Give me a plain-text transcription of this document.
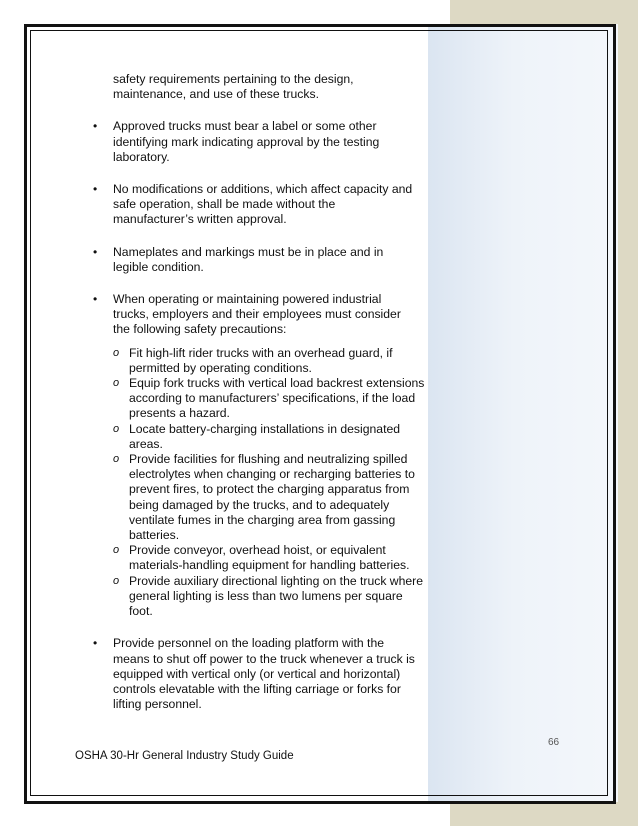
safety requirements pertaining to the design, maintenance, and use of these trucks.

• Approved trucks must bear a label or some other identifying mark indicating approval by the testing laboratory.
• No modifications or additions, which affect capacity and safe operation, shall be made without the manufacturer’s written approval.
• Nameplates and markings must be in place and in legible condition.
• When operating or maintaining powered industrial trucks, employers and their employees must consider the following safety precautions:
o Fit high-lift rider trucks with an overhead guard, if permitted by operating conditions.
o Equip fork trucks with vertical load backrest extensions according to manufacturers’ specifications, if the load presents a hazard.
o Locate battery-charging installations in designated areas.
o Provide facilities for flushing and neutralizing spilled electrolytes when changing or recharging batteries to prevent fires, to protect the charging apparatus from being damaged by the trucks, and to adequately ventilate fumes in the charging area from gassing batteries.
o Provide conveyor, overhead hoist, or equivalent materials-handling equipment for handling batteries.
o Provide auxiliary directional lighting on the truck where general lighting is less than two lumens per square foot.
• Provide personnel on the loading platform with the means to shut off power to the truck whenever a truck is equipped with vertical only (or vertical and horizontal) controls elevatable with the lifting carriage or forks for lifting personnel.
66
OSHA 30-Hr General Industry Study Guide
